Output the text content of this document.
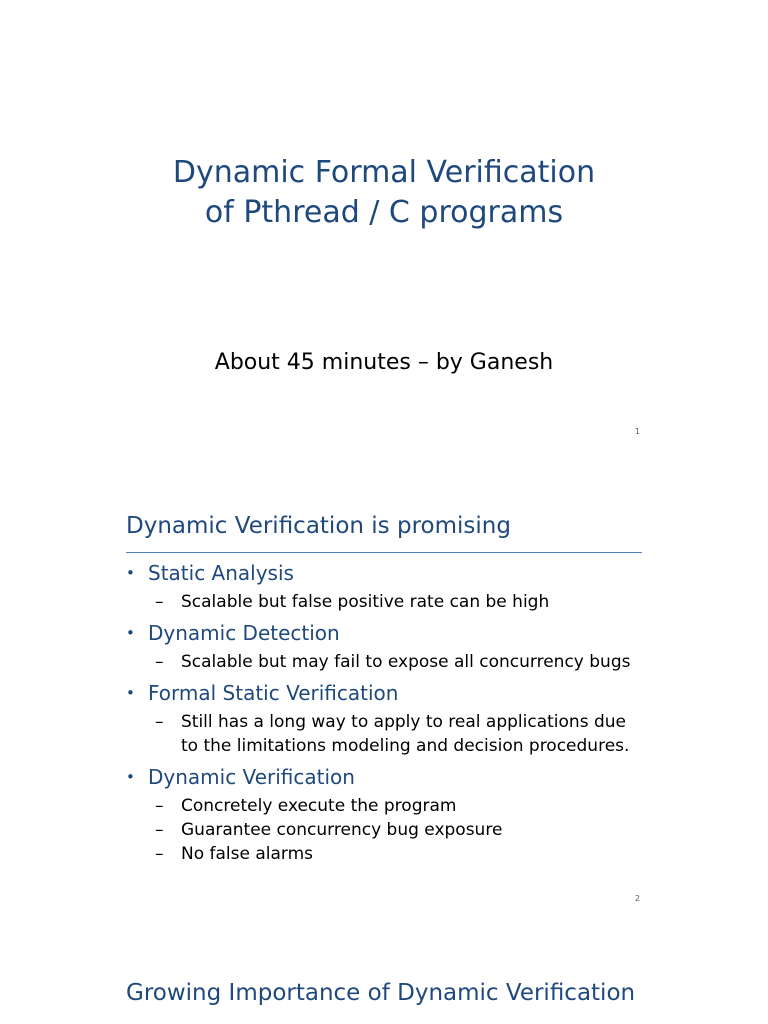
Dynamic Formal Verification
of Pthread / C programs
About 45 minutes – by Ganesh
1
Dynamic Verification is promising
• Static Analysis
– Scalable but false positive rate can be high
• Dynamic Detection
– Scalable but may fail to expose all concurrency bugs
• Formal Static Verification
– Still has a long way to apply to real applications due to the limitations modeling and decision procedures.
• Dynamic Verification
– Concretely execute the program
– Guarantee concurrency bug exposure
– No false alarms
2
Growing Importance of Dynamic Verification
